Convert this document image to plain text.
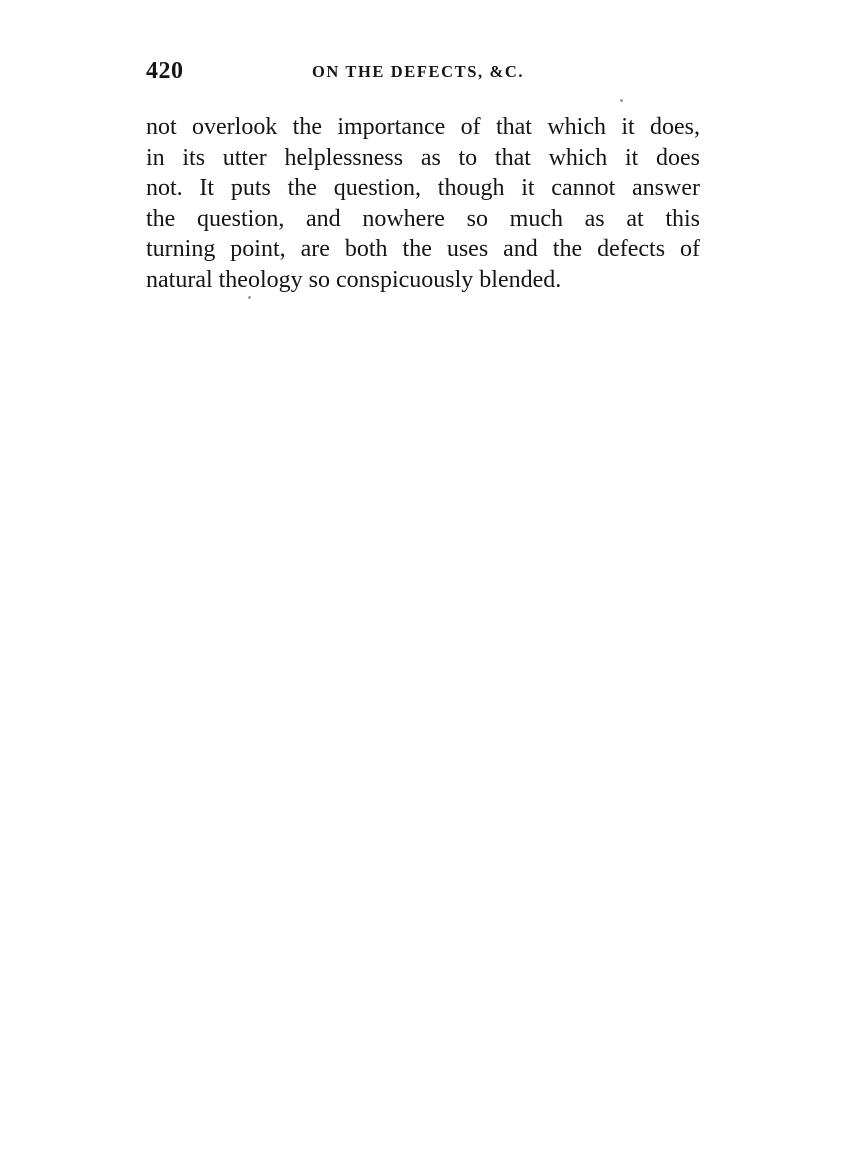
420	ON THE DEFECTS, &C.
not overlook the importance of that which it does,
in its utter helplessness as to that which it does
not. It puts the question, though it cannot answer
the question, and nowhere so much as at this
turning point, are both the uses and the defects of
natural theology so conspicuously blended.
